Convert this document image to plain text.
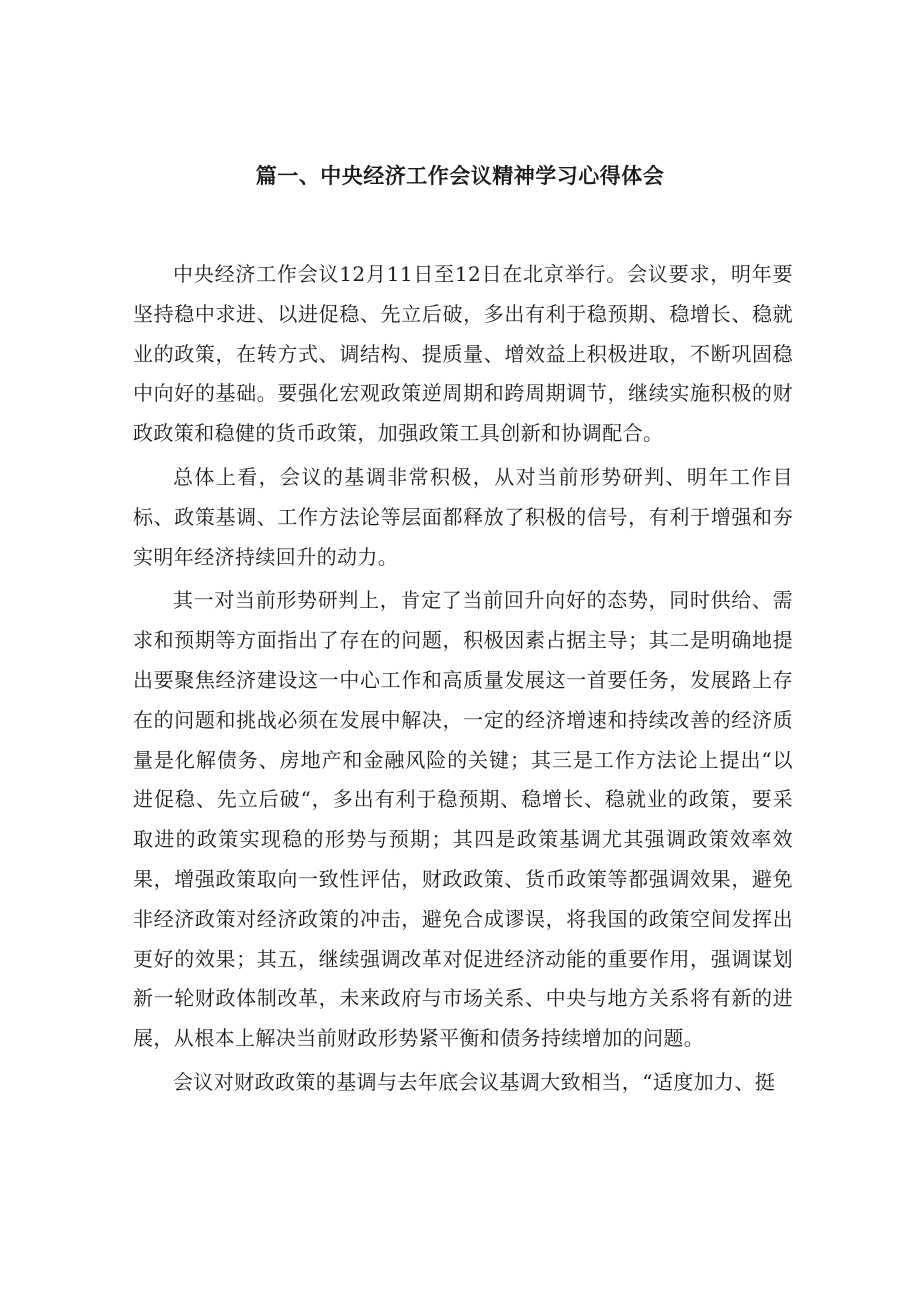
篇一、中央经济工作会议精神学习心得体会

中央经济工作会议12月11日至12日在北京举行。会议要求，明年要坚持稳中求进、以进促稳、先立后破，多出有利于稳预期、稳增长、稳就业的政策，在转方式、调结构、提质量、增效益上积极进取，不断巩固稳中向好的基础。要强化宏观政策逆周期和跨周期调节，继续实施积极的财政政策和稳健的货币政策，加强政策工具创新和协调配合。

总体上看，会议的基调非常积极，从对当前形势研判、明年工作目标、政策基调、工作方法论等层面都释放了积极的信号，有利于增强和夯实明年经济持续回升的动力。

其一对当前形势研判上，肯定了当前回升向好的态势，同时供给、需求和预期等方面指出了存在的问题，积极因素占据主导；其二是明确地提出要聚焦经济建设这一中心工作和高质量发展这一首要任务，发展路上存在的问题和挑战必须在发展中解决，一定的经济增速和持续改善的经济质量是化解债务、房地产和金融风险的关键；其三是工作方法论上提出“以进促稳、先立后破“，多出有利于稳预期、稳增长、稳就业的政策，要采取进的政策实现稳的形势与预期；其四是政策基调尤其强调政策效率效果，增强政策取向一致性评估，财政政策、货币政策等都强调效果，避免非经济政策对经济政策的冲击，避免合成谬误，将我国的政策空间发挥出更好的效果；其五，继续强调改革对促进经济动能的重要作用，强调谋划新一轮财政体制改革，未来政府与市场关系、中央与地方关系将有新的进展，从根本上解决当前财政形势紧平衡和债务持续增加的问题。

会议对财政政策的基调与去年底会议基调大致相当，“适度加力、挺
